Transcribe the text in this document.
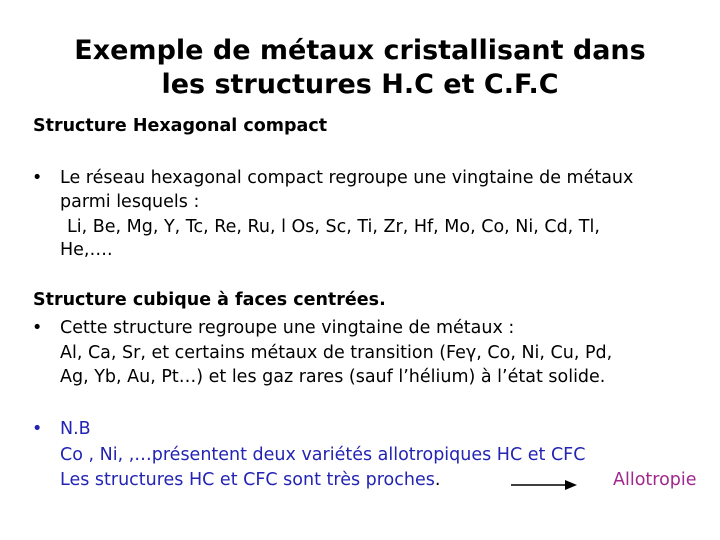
Exemple de métaux cristallisant dans
les structures H.C et C.F.C
Structure Hexagonal compact
• Le réseau hexagonal compact regroupe une vingtaine de métaux
parmi lesquels :
Li, Be, Mg, Y, Tc, Re, Ru, l Os, Sc, Ti, Zr, Hf, Mo, Co, Ni, Cd, Tl,
He,….
Structure cubique à faces centrées.
• Cette structure regroupe une vingtaine de métaux :
Al, Ca, Sr, et certains métaux de transition (Feγ, Co, Ni, Cu, Pd,
Ag, Yb, Au, Pt…) et les gaz rares (sauf l’hélium) à l’état solide.
• N.B
Co , Ni, ,…présentent deux variétés allotropiques HC et CFC
Les structures HC et CFC sont très proches.	Allotropie
